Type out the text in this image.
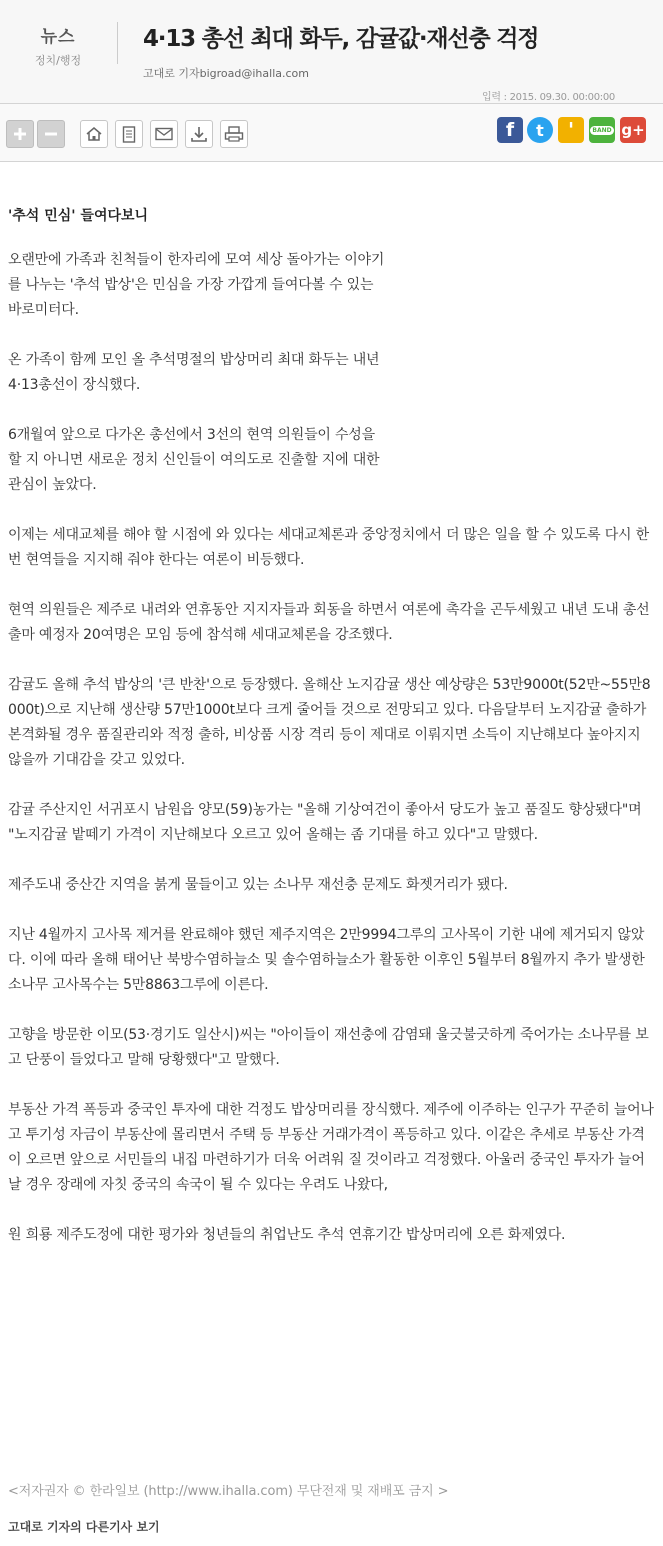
뉴스
정치/행정
4·13 총선 최대 화두, 감귤값·재선충 걱정
고대로 기자bigroad@ihalla.com
입력 : 2015. 09.30. 00:00:00
f t '	BAND g+
'추석 민심' 들여다보니

오랜만에 가족과 친척들이 한자리에 모여 세상 돌아가는 이야기를 나누는 '추석 밥상'은 민심을 가장 가깝게 들여다볼 수 있는 바로미터다.

온 가족이 함께 모인 올 추석명절의 밥상머리 최대 화두는 내년 4·13총선이 장식했다.

6개월여 앞으로 다가온 총선에서 3선의 현역 의원들이 수성을 할 지 아니면 새로운 정치 신인들이 여의도로 진출할 지에 대한 관심이 높았다.

이제는 세대교체를 해야 할 시점에 와 있다는 세대교체론과 중앙정치에서 더 많은 일을 할 수 있도록 다시 한번 현역들을 지지해 줘야 한다는 여론이 비등했다.

현역 의원들은 제주로 내려와 연휴동안 지지자들과 회동을 하면서 여론에 촉각을 곤두세웠고 내년 도내 총선출마 예정자 20여명은 모임 등에 참석해 세대교체론을 강조했다.

감귤도 올해 추석 밥상의 '큰 반찬'으로 등장했다. 올해산 노지감귤 생산 예상량은 53만9000t(52만~55만8000t)으로 지난해 생산량 57만1000t보다 크게 줄어들 것으로 전망되고 있다. 다음달부터 노지감귤 출하가 본격화될 경우 품질관리와 적정 출하, 비상품 시장 격리 등이 제대로 이뤄지면 소득이 지난해보다 높아지지 않을까 기대감을 갖고 있었다.

감귤 주산지인 서귀포시 남원읍 양모(59)농가는 "올해 기상여건이 좋아서 당도가 높고 품질도 향상됐다"며 "노지감귤 밭떼기 가격이 지난해보다 오르고 있어 올해는 좀 기대를 하고 있다"고 말했다.

제주도내 중산간 지역을 붉게 물들이고 있는 소나무 재선충 문제도 화젯거리가 됐다.

지난 4월까지 고사목 제거를 완료해야 했던 제주지역은 2만9994그루의 고사목이 기한 내에 제거되지 않았다. 이에 따라 올해 태어난 북방수염하늘소 및 솔수염하늘소가 활동한 이후인 5월부터 8월까지 추가 발생한 소나무 고사목수는 5만8863그루에 이른다.

고향을 방문한 이모(53·경기도 일산시)씨는 "아이들이 재선충에 감염돼 울긋불긋하게 죽어가는 소나무를 보고 단풍이 들었다고 말해 당황했다"고 말했다.

부동산 가격 폭등과 중국인 투자에 대한 걱정도 밥상머리를 장식했다. 제주에 이주하는 인구가 꾸준히 늘어나고 투기성 자금이 부동산에 몰리면서 주택 등 부동산 거래가격이 폭등하고 있다. 이같은 추세로 부동산 가격이 오르면 앞으로 서민들의 내집 마련하기가 더욱 어려워 질 것이라고 걱정했다. 아울러 중국인 투자가 늘어날 경우 장래에 자칫 중국의 속국이 될 수 있다는 우려도 나왔다,

원 희룡 제주도정에 대한 평가와 청년들의 취업난도 추석 연휴기간 밥상머리에 오른 화제였다.

<저자권자 © 한라일보 (http://www.ihalla.com) 무단전재 및 재배포 금지 >
고대로 기자의 다른기사 보기
